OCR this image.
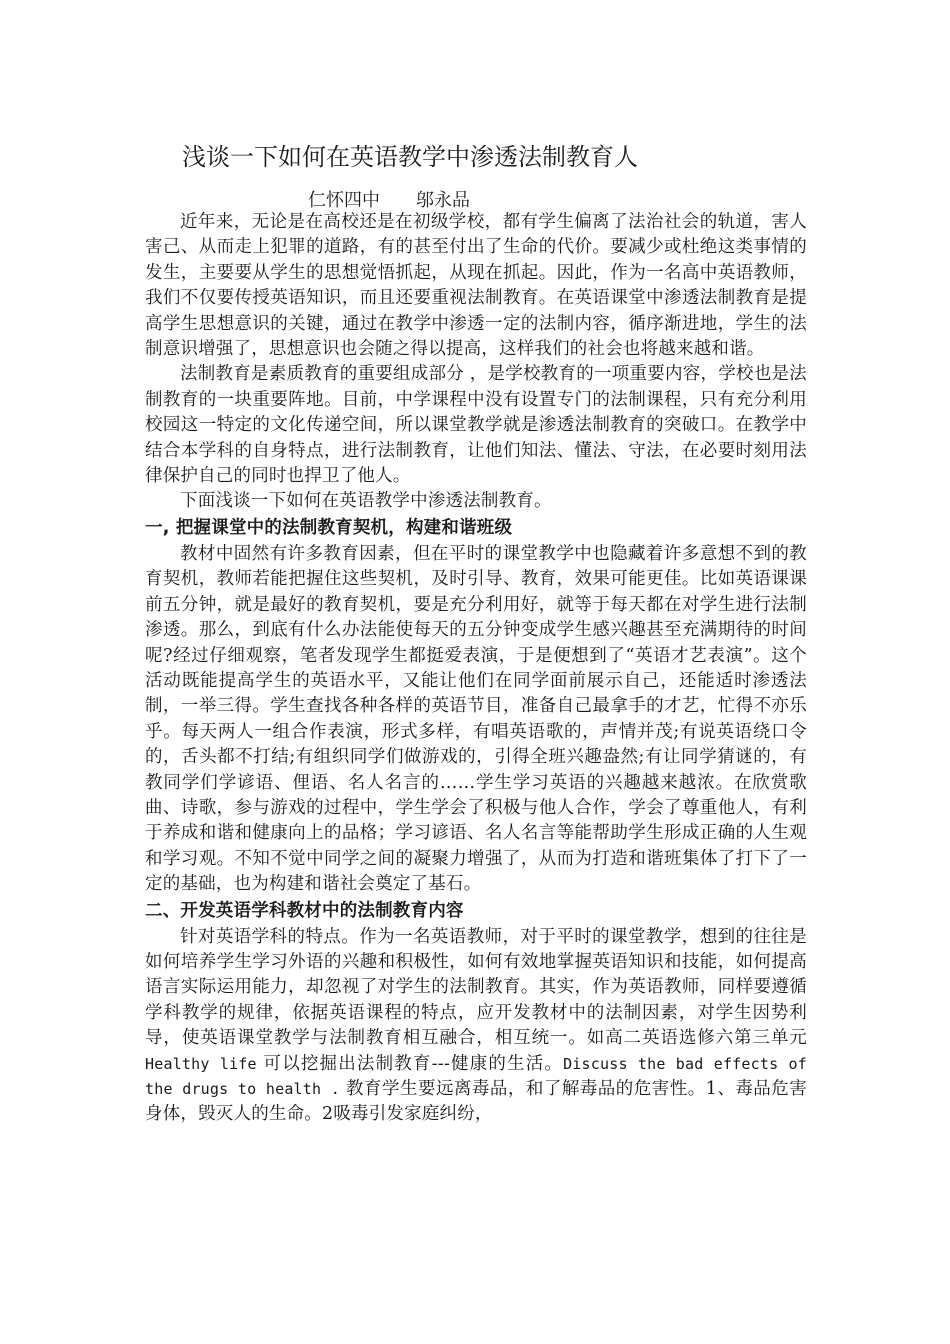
浅谈一下如何在英语教学中渗透法制教育人
仁怀四中　　邬永品

近年来，无论是在高校还是在初级学校，都有学生偏离了法治社会的轨道，害人害己、从而走上犯罪的道路，有的甚至付出了生命的代价。要减少或杜绝这类事情的发生，主要要从学生的思想觉悟抓起，从现在抓起。因此，作为一名高中英语教师，我们不仅要传授英语知识，而且还要重视法制教育。在英语课堂中渗透法制教育是提高学生思想意识的关键，通过在教学中渗透一定的法制内容，循序渐进地，学生的法制意识增强了，思想意识也会随之得以提高，这样我们的社会也将越来越和谐。

法制教育是素质教育的重要组成部分 ，是学校教育的一项重要内容，学校也是法制教育的一块重要阵地。目前，中学课程中没有设置专门的法制课程，只有充分利用校园这一特定的文化传递空间，所以课堂教学就是渗透法制教育的突破口。在教学中结合本学科的自身特点，进行法制教育，让他们知法、懂法、守法，在必要时刻用法律保护自己的同时也捍卫了他人。

下面浅谈一下如何在英语教学中渗透法制教育。

一, 把握课堂中的法制教育契机，构建和谐班级

教材中固然有许多教育因素，但在平时的课堂教学中也隐藏着许多意想不到的教育契机，教师若能把握住这些契机，及时引导、教育，效果可能更佳。比如英语课课前五分钟，就是最好的教育契机，要是充分利用好，就等于每天都在对学生进行法制渗透。那么，到底有什么办法能使每天的五分钟变成学生感兴趣甚至充满期待的时间呢?经过仔细观察，笔者发现学生都挺爱表演，于是便想到了“英语才艺表演”。这个活动既能提高学生的英语水平，又能让他们在同学面前展示自己，还能适时渗透法制，一举三得。学生查找各种各样的英语节目，准备自己最拿手的才艺，忙得不亦乐乎。每天两人一组合作表演，形式多样，有唱英语歌的，声情并茂;有说英语绕口令的，舌头都不打结;有组织同学们做游戏的，引得全班兴趣盎然;有让同学猜谜的，有教同学们学谚语、俚语、名人名言的……学生学习英语的兴趣越来越浓。在欣赏歌曲、诗歌，参与游戏的过程中，学生学会了积极与他人合作，学会了尊重他人，有利于养成和谐和健康向上的品格；学习谚语、名人名言等能帮助学生形成正确的人生观和学习观。不知不觉中同学之间的凝聚力增强了，从而为打造和谐班集体了打下了一定的基础，也为构建和谐社会奠定了基石。

二、开发英语学科教材中的法制教育内容

针对英语学科的特点。作为一名英语教师，对于平时的课堂教学，想到的往往是如何培养学生学习外语的兴趣和积极性，如何有效地掌握英语知识和技能，如何提高语言实际运用能力，却忽视了对学生的法制教育。其实，作为英语教师，同样要遵循学科教学的规律，依据英语课程的特点，应开发教材中的法制因素，对学生因势利导，使英语课堂教学与法制教育相互融合，相互统一。如高二英语选修六第三单元Healthy life 可以挖掘出法制教育---健康的生活。Discuss the bad effects of the drugs to health . 教育学生要远离毒品，和了解毒品的危害性。1、毒品危害身体，毁灭人的生命。2吸毒引发家庭纠纷，
